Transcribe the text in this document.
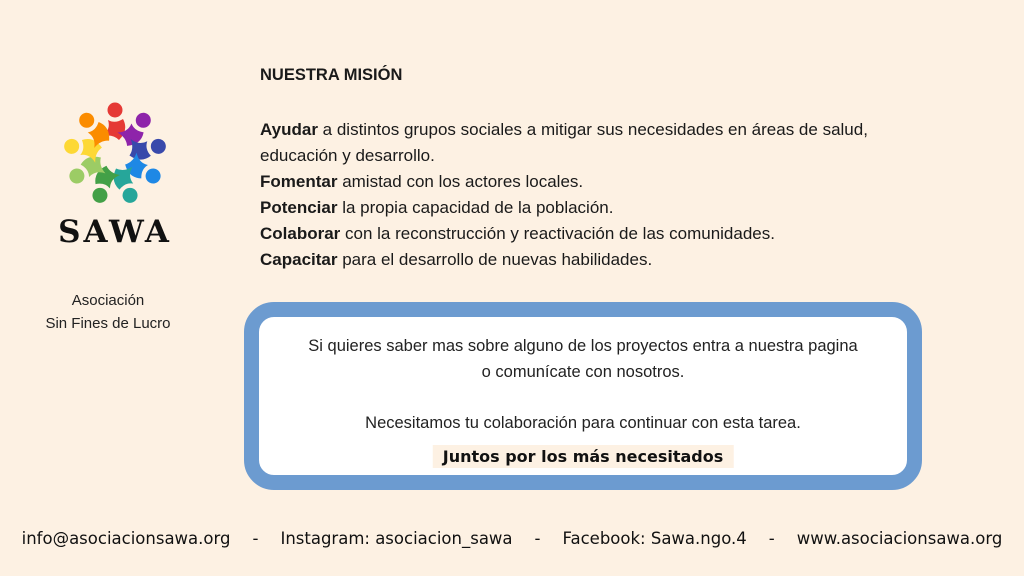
SAWA
Asociación
Sin Fines de Lucro
NUESTRA MISIÓN

Ayudar a distintos grupos sociales a mitigar sus necesidades en áreas de salud, educación y desarrollo.

Fomentar amistad con los actores locales.

Potenciar la propia capacidad de la población.

Colaborar con la reconstrucción y reactivación de las comunidades.

Capacitar para el desarrollo de nuevas habilidades.

Si quieres saber mas sobre alguno de los proyectos entra a nuestra pagina
o comunícate con nosotros.
Necesitamos tu colaboración para continuar con esta tarea.
Juntos por los más necesitados
info@asociacionsawa.org - Instagram: asociacion_sawa - Facebook: Sawa.ngo.4 - www.asociacionsawa.org
